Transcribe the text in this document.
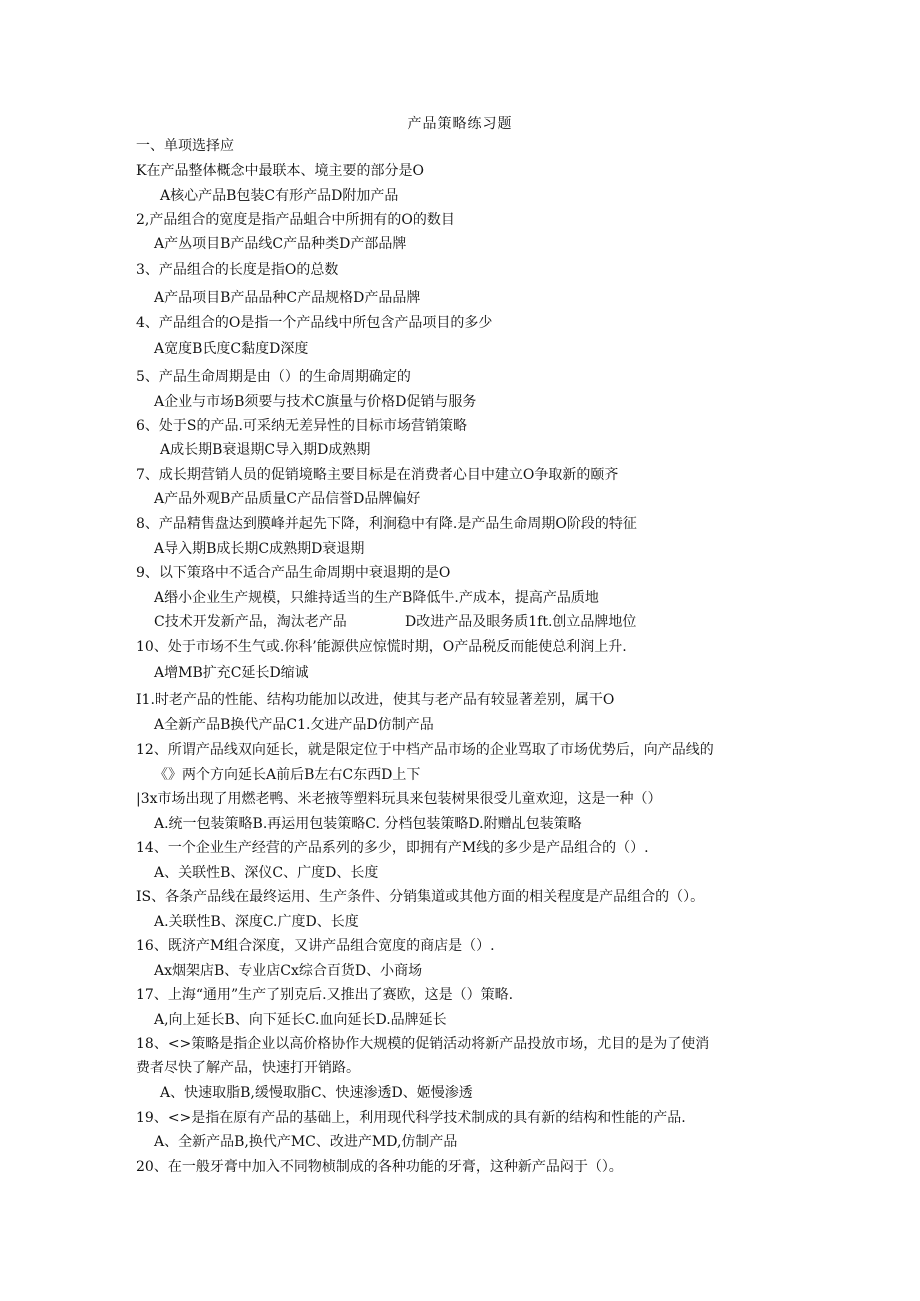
产品策略练习题
一、单项选择应
K在产品整体概念中最联本、境主要的部分是O
A核心产品B包装C有形产品D附加产品
2,产品组合的宽度是指产品蛆合中所拥有的O的数目
A产丛项目B产品线C产品种类D产部品牌
3、产品组合的长度是指O的总数
A产品项目B产品品种C产品规格D产品品牌
4、产品组合的O是指一个产品线中所包含产品项目的多少
A宽度B氏度C黏度D深度
5、产品生命周期是由（）的生命周期确定的
A企业与市场B须要与技术C旗量与价格D促销与服务
6、处于S的产品.可采纳无差异性的目标市场营销策略
A成长期B衰退期C导入期D成熟期
7、成长期营销人员的促销境略主要目标是在消费者心目中建立O争取新的颐齐
A产品外观B产品质量C产品信誉D品牌偏好
8、产品精售盘达到膜峰并起先下降，利涧稳中有降.是产品生命周期O阶段的特征
A导入期B成长期C成熟期D衰退期
9、以下策珞中不适合产品生命周期中衰退期的是O
A缗小企业生产规模，只維持适当的生产B降低牛.产成本，提高产品质地
C技术开发新产品，淘汰老产品	D改进产品及眼务质1ft.创立品牌地位
10、处于市场不生气或.你科’能源供应惊慌时期，O产品税反而能使总利润上升.
A增MB扩充C延长D缩诚
I1.时老产品的性能、结构功能加以改进，使其与老产品有较显著差别，属干O
A全新产品B换代产品C1.攵进产品D仿制产品
12、所谓产品线双向延长，就是限定位于中档产品市场的企业骂取了市场优势后，向产品线的
《》两个方向延长A前后B左右C东西D上下
|3x市场出现了用燃老鸭、米老掖等塑料玩具来包装树果很受儿童欢迎，这是一种（）
A.统一包装策略B.再运用包装策略C. 分档包装策略D.附赠乩包装策略
14、一个企业生产经营的产品系列的多少，即拥有产M线的多少是产品组合的（）.
A、关联性B、深仪C、广度D、长度
IS、各条产品线在最终运用、生产条件、分销集道或其他方面的相关程度是产品组合的（）。
A.关联性B、深度C.广度D、长度
16、既济产M组合深度，又讲产品组合宽度的商店是（）.
Ax烟架店B、专业店Cx综合百货D、小商场
17、上海“通用”生产了别克后.又推出了赛欧，这是（）策略.
A,向上延长B、向下延长C.血向延长D.品牌延长
18、<>策略是指企业以高价格协作大规模的促销活动将新产品投放市场，尤目的是为了使消
费者尽快了解产品，快速打开销路。
A、快速取脂B,缓慢取脂C、快速渗透D、姬慢渗透
19、<>是指在原有产品的基础上，利用现代科学技术制成的具有新的结构和性能的产品.
A、全新产品B,换代产MC、改进产MD,仿制产品
20、在一般牙膏中加入不同物桢制成的各种功能的牙膏，这种新产品闷于（）。
